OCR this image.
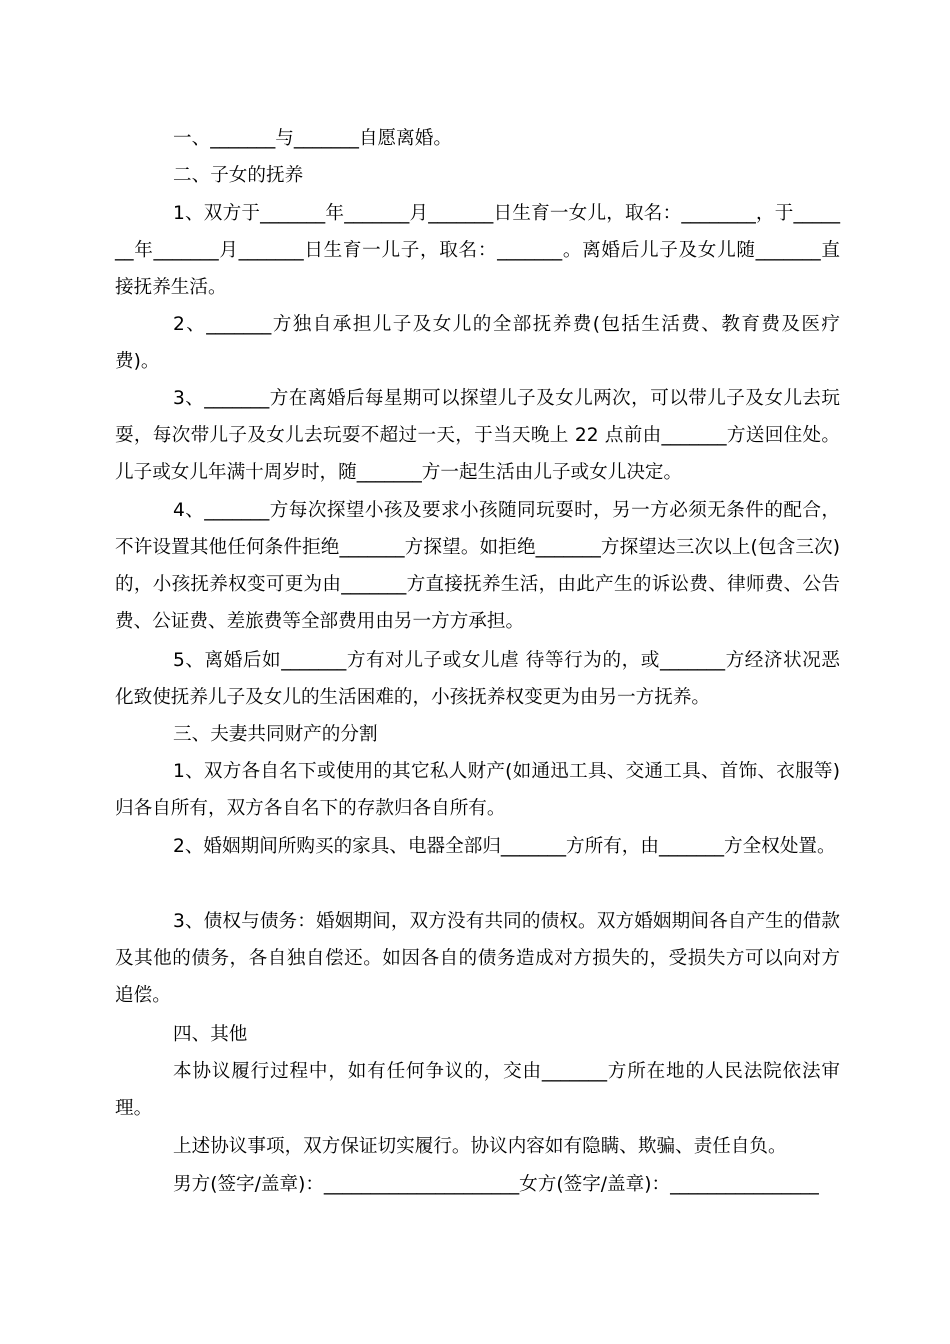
一、_______与_______自愿离婚。

二、子女的抚养

1、双方于_______年_______月_______日生育一女儿，取名：________，于_______年_______月_______日生育一儿子，取名：_______。离婚后儿子及女儿随_______直接抚养生活。

2、_______方独自承担儿子及女儿的全部抚养费(包括生活费、教育费及医疗费)。

3、_______方在离婚后每星期可以探望儿子及女儿两次，可以带儿子及女儿去玩耍，每次带儿子及女儿去玩耍不超过一天，于当天晚上 22 点前由_______方送回住处。儿子或女儿年满十周岁时，随_______方一起生活由儿子或女儿决定。

4、_______方每次探望小孩及要求小孩随同玩耍时，另一方必须无条件的配合，不许设置其他任何条件拒绝_______方探望。如拒绝_______方探望达三次以上(包含三次)的，小孩抚养权变可更为由_______方直接抚养生活，由此产生的诉讼费、律师费、公告费、公证费、差旅费等全部费用由另一方方承担。

5、离婚后如_______方有对儿子或女儿虐 待等行为的，或_______方经济状况恶化致使抚养儿子及女儿的生活困难的，小孩抚养权变更为由另一方抚养。

三、夫妻共同财产的分割

1、双方各自名下或使用的其它私人财产(如通迅工具、交通工具、首饰、衣服等)归各自所有，双方各自名下的存款归各自所有。

2、婚姻期间所购买的家具、电器全部归_______方所有，由_______方全权处置。

3、债权与债务：婚姻期间，双方没有共同的债权。双方婚姻期间各自产生的借款及其他的债务，各自独自偿还。如因各自的债务造成对方损失的，受损失方可以向对方追偿。

四、其他

本协议履行过程中，如有任何争议的，交由_______方所在地的人民法院依法审理。

上述协议事项，双方保证切实履行。协议内容如有隐瞒、欺骗、责任自负。

男方(签字/盖章)：_____________________女方(签字/盖章)：________________
